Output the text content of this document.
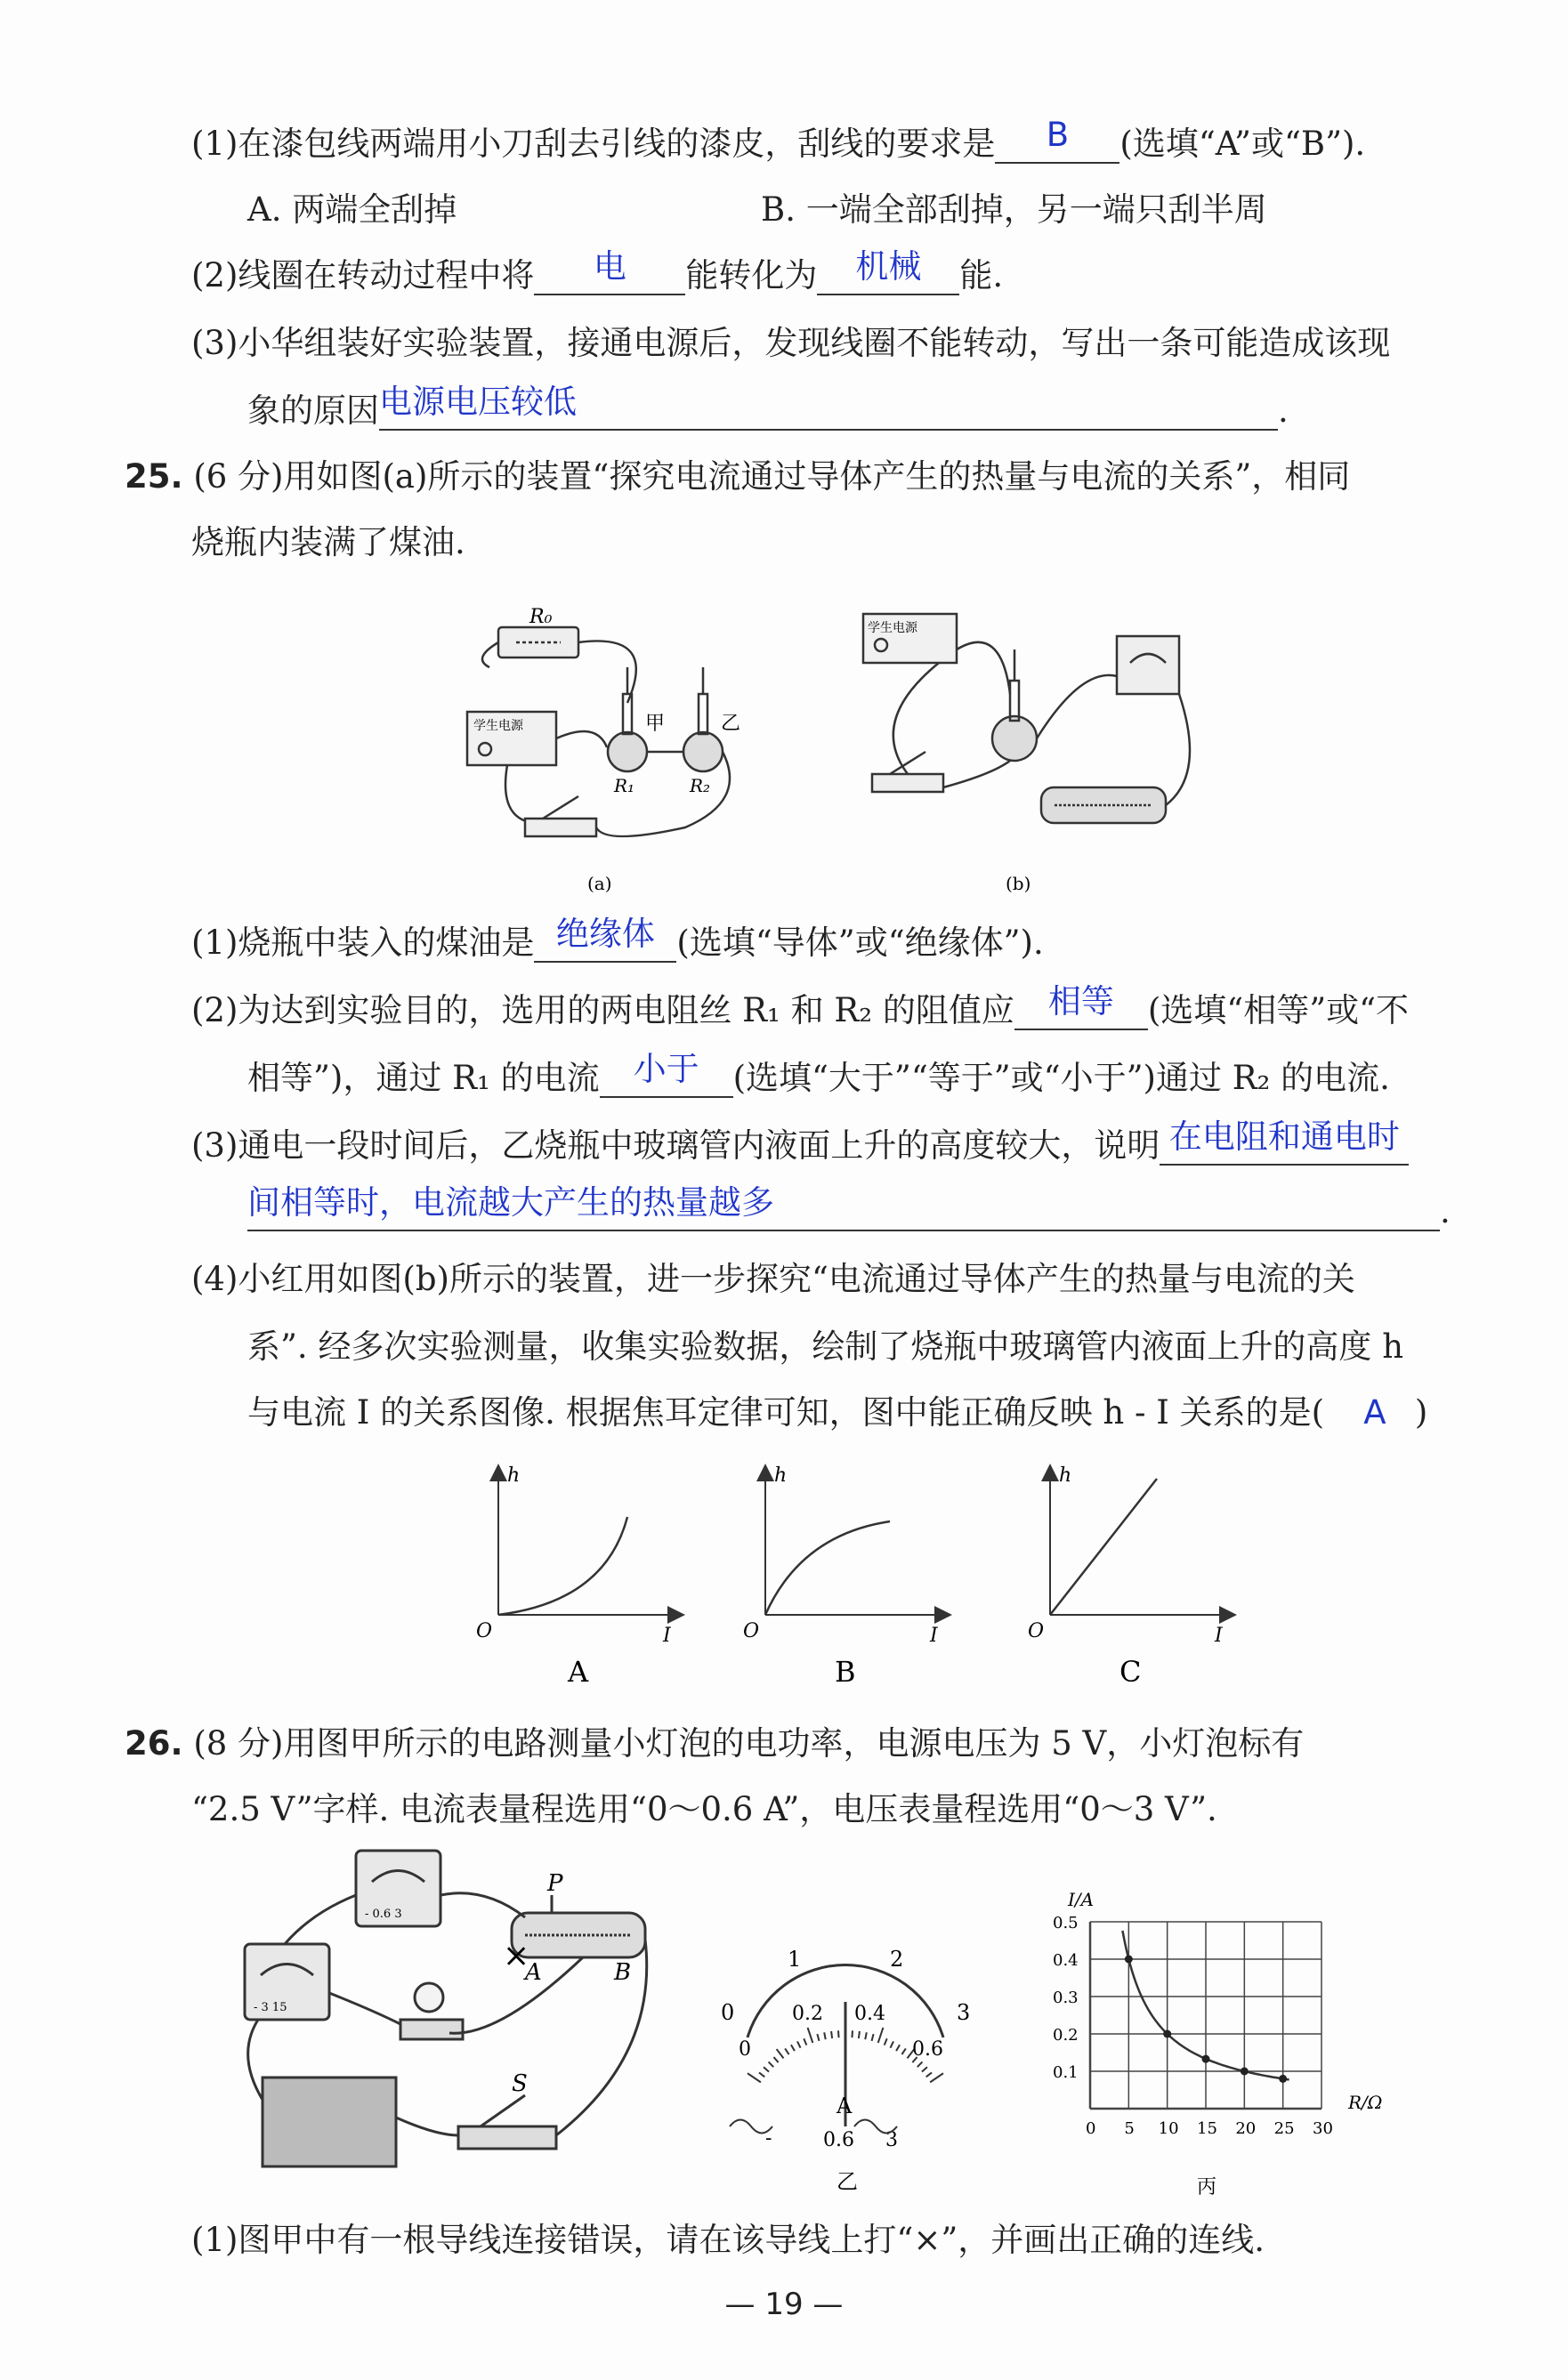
(1)在漆包线两端用小刀刮去引线的漆皮，刮线的要求是 B (选填“A”或“B”).
A. 两端全刮掉	B. 一端全部刮掉，另一端只刮半周
(2)线圈在转动过程中将 电 能转化为 机械 能.
(3)小华组装好实验装置，接通电源后，发现线圈不能转动，写出一条可能造成该现
象的原因电源电压较低	.
25. (6 分)用如图(a)所示的装置“探究电流通过导体产生的热量与电流的关系”，相同
烧瓶内装满了煤油.
R₀
学生电源	甲	乙
R₁	R₂
(a)
学生电源
(b)
(1)烧瓶中装入的煤油是 绝缘体 (选填“导体”或“绝缘体”).
(2)为达到实验目的，选用的两电阻丝 R₁ 和 R₂ 的阻值应 相等 (选填“相等”或“不
相等”)，通过 R₁ 的电流 小于 (选填“大于”“等于”或“小于”)通过 R₂ 的电流.
(3)通电一段时间后，乙烧瓶中玻璃管内液面上升的高度较大，说明 在电阻和通电时
间相等时，电流越大产生的热量越多	.
(4)小红用如图(b)所示的装置，进一步探究“电流通过导体产生的热量与电流的关
系”. 经多次实验测量，收集实验数据，绘制了烧瓶中玻璃管内液面上升的高度 h
与电流 I 的关系图像. 根据焦耳定律可知，图中能正确反映 h - I 关系的是( A )
h
I
O
A
h
I
O
B
h
I
O
C
26. (8 分)用图甲所示的电路测量小灯泡的电功率，电源电压为 5 V，小灯泡标有
“2.5 V”字样. 电流表量程选用“0～0.6 A”，电压表量程选用“0～3 V”.
×
P
A	B
S
- 0.6 3
- 3 15	0
1	2
3
0
0.2 0.4
0.6
A
-	0.6 3
乙
0.1
0.2
0.3
0.4
0.5
0 5 10 15 20 25 30
I/A
R/Ω
丙
(1)图甲中有一根导线连接错误，请在该导线上打“×”，并画出正确的连线.
— 19 —
